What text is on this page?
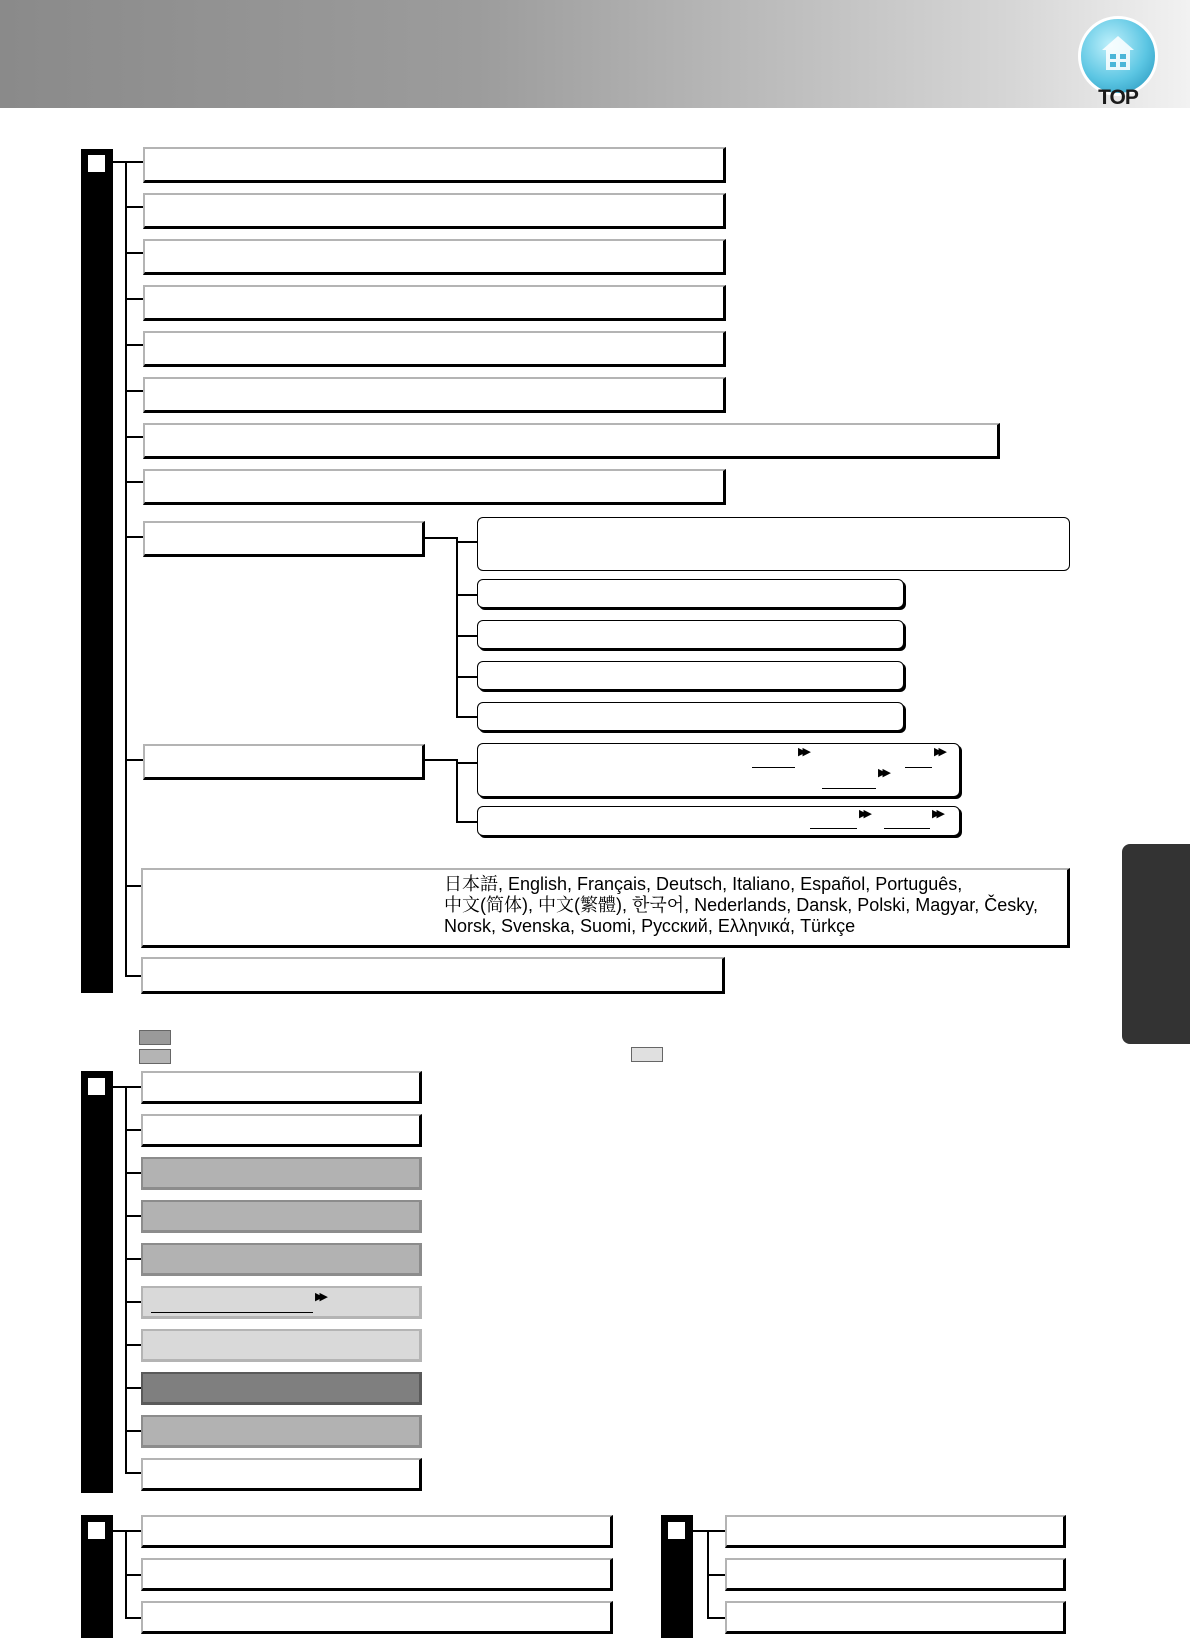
TOP
▶▶	▶▶
▶▶
▶▶	▶▶
日本語, English, Français, Deutsch, Italiano, Español, Português,
中文(简体), 中文(繁體), 한국어, Nederlands, Dansk, Polski, Magyar, Česky,
Norsk, Svenska, Suomi, Русский, Ελληνικά, Türkçe
▶▶
